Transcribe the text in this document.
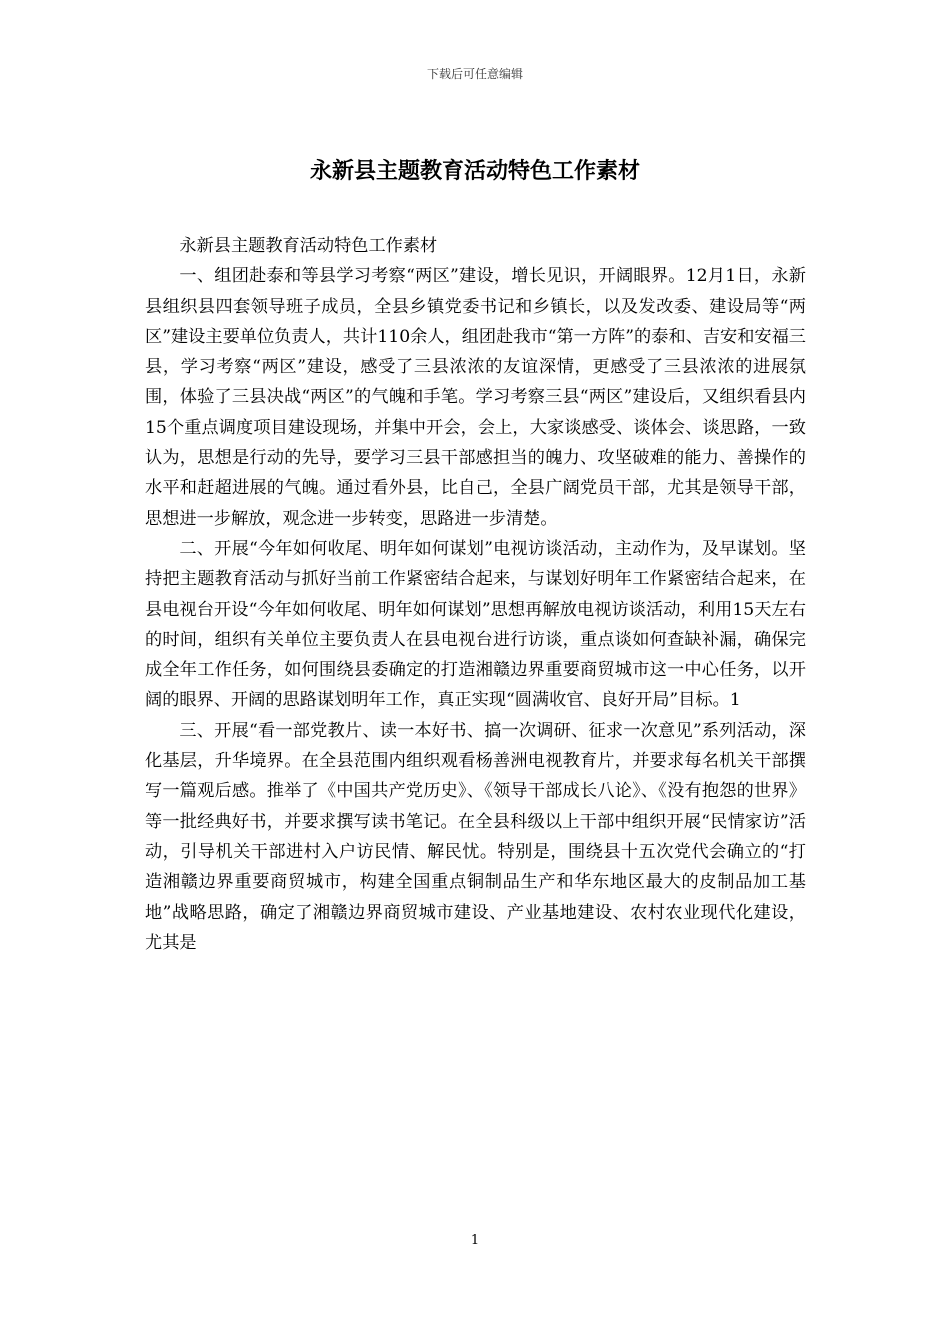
下载后可任意编辑
永新县主题教育活动特色工作素材

永新县主题教育活动特色工作素材

一、组团赴泰和等县学习考察“两区”建设，增长见识，开阔眼界。12月1日，永新县组织县四套领导班子成员，全县乡镇党委书记和乡镇长，以及发改委、建设局等“两区”建设主要单位负责人，共计110余人，组团赴我市“第一方阵”的泰和、吉安和安福三县，学习考察“两区”建设，感受了三县浓浓的友谊深情，更感受了三县浓浓的进展氛围，体验了三县决战“两区”的气魄和手笔。学习考察三县“两区”建设后，又组织看县内15个重点调度项目建设现场，并集中开会，会上，大家谈感受、谈体会、谈思路，一致认为，思想是行动的先导，要学习三县干部感担当的魄力、攻坚破难的能力、善操作的水平和赶超进展的气魄。通过看外县，比自己，全县广阔党员干部，尤其是领导干部，思想进一步解放，观念进一步转变，思路进一步清楚。

二、开展“今年如何收尾、明年如何谋划”电视访谈活动，主动作为，及早谋划。坚持把主题教育活动与抓好当前工作紧密结合起来，与谋划好明年工作紧密结合起来，在县电视台开设“今年如何收尾、明年如何谋划”思想再解放电视访谈活动，利用15天左右的时间，组织有关单位主要负责人在县电视台进行访谈，重点谈如何查缺补漏，确保完成全年工作任务，如何围绕县委确定的打造湘赣边界重要商贸城市这一中心任务，以开阔的眼界、开阔的思路谋划明年工作，真正实现“圆满收官、良好开局”目标。1

三、开展“看一部党教片、读一本好书、搞一次调研、征求一次意见”系列活动，深化基层，升华境界。在全县范围内组织观看杨善洲电视教育片，并要求每名机关干部撰写一篇观后感。推举了《中国共产党历史》、《领导干部成长八论》、《没有抱怨的世界》等一批经典好书，并要求撰写读书笔记。在全县科级以上干部中组织开展“民情家访”活动，引导机关干部进村入户访民情、解民忧。特别是，围绕县十五次党代会确立的“打造湘赣边界重要商贸城市，构建全国重点铜制品生产和华东地区最大的皮制品加工基地”战略思路，确定了湘赣边界商贸城市建设、产业基地建设、农村农业现代化建设，尤其是

1
